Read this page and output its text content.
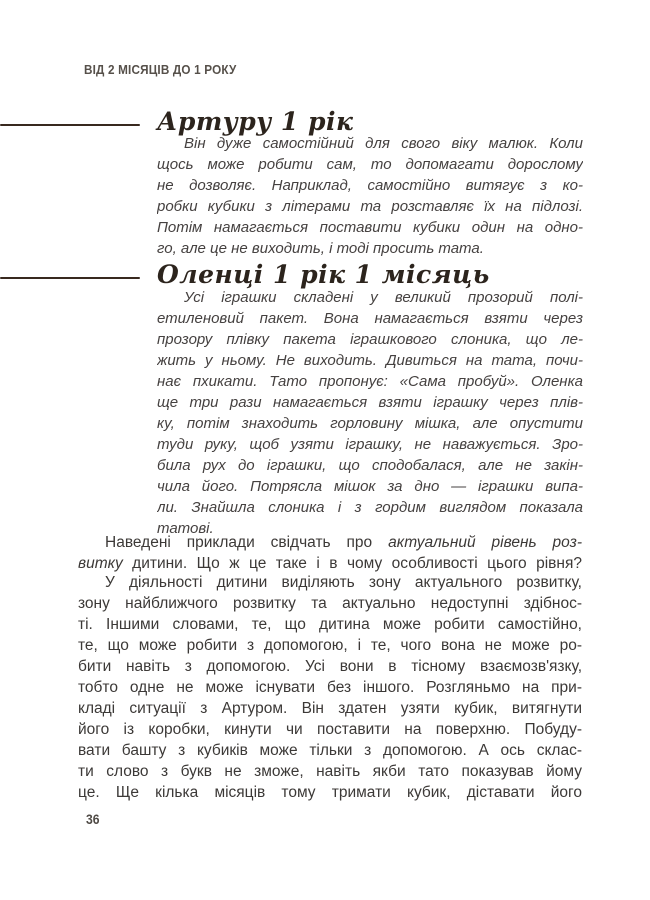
ВІД 2 МІСЯЦІВ ДО 1 РОКУ
Артуру 1 рік
Він дуже самостійний для свого віку малюк. Коли
щось може робити сам, то допомагати дорослому
не дозволяє. Наприклад, самостійно витягує з ко-
робки кубики з літерами та розставляє їх на підлозі.
Потім намагається поставити кубики один на одно-
го, але це не виходить, і тоді просить тата.
Оленці 1 рік 1 місяць
Усі іграшки складені у великий прозорий полі-
етиленовий пакет. Вона намагається взяти через
прозору плівку пакета іграшкового слоника, що ле-
жить у ньому. Не виходить. Дивиться на тата, почи-
нає пхикати. Тато пропонує: «Сама пробуй». Оленка
ще три рази намагається взяти іграшку через плів-
ку, потім знаходить горловину мішка, але опустити
туди руку, щоб узяти іграшку, не наважується. Зро-
била рух до іграшки, що сподобалася, але не закін-
чила його. Потрясла мішок за дно — іграшки випа-
ли. Знайшла слоника і з гордим виглядом показала
татові.
Наведені приклади свідчать про актуальний рівень роз-
витку дитини. Що ж це таке і в чому особливості цього рівня?
У діяльності дитини виділяють зону актуального розвитку,
зону найближчого розвитку та актуально недоступні здібнос-
ті. Іншими словами, те, що дитина може робити самостійно,
те, що може робити з допомогою, і те, чого вона не може ро-
бити навіть з допомогою. Усі вони в тісному взаємозв'язку,
тобто одне не може існувати без іншого. Розгляньмо на при-
кладі ситуації з Артуром. Він здатен узяти кубик, витягнути
його із коробки, кинути чи поставити на поверхню. Побуду-
вати башту з кубиків може тільки з допомогою. А ось склас-
ти слово з букв не зможе, навіть якби тато показував йому
це. Ще кілька місяців тому тримати кубик, діставати його
36
